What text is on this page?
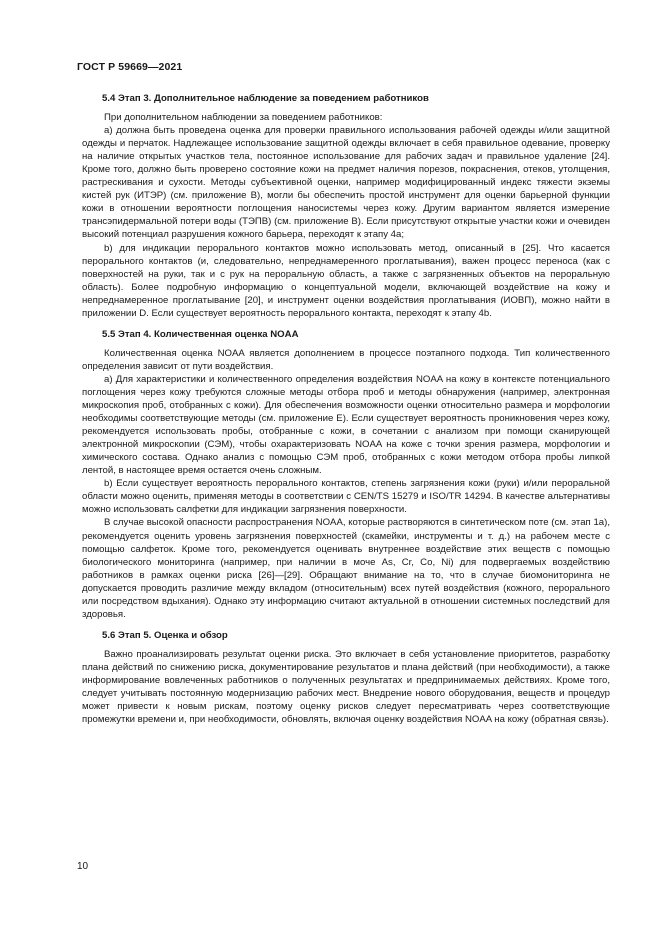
ГОСТ Р 59669—2021
5.4 Этап 3. Дополнительное наблюдение за поведением работников

При дополнительном наблюдении за поведением работников:

a) должна быть проведена оценка для проверки правильного использования рабочей одежды и/или защитной одежды и перчаток. Надлежащее использование защитной одежды включает в себя правильное одевание, проверку на наличие открытых участков тела, постоянное использование для рабочих задач и правильное удаление [24]. Кроме того, должно быть проверено состояние кожи на предмет наличия порезов, покраснения, отеков, утолщения, растрескивания и сухости. Методы субъективной оценки, например модифицированный индекс тяжести экземы кистей рук (ИТЭР) (см. приложение В), могли бы обеспечить простой инструмент для оценки барьерной функции кожи в отношении вероятности поглощения наносистемы через кожу. Другим вариантом является измерение трансэпидермальной потери воды (ТЭПВ) (см. приложение В). Если присутствуют открытые участки кожи и очевиден высокий потенциал разрушения кожного барьера, переходят к этапу 4а;

b) для индикации перорального контактов можно использовать метод, описанный в [25]. Что касается перорального контактов (и, следовательно, непреднамеренного проглатывания), важен процесс переноса (как с поверхностей на руки, так и с рук на пероральную область, а также с загрязненных объектов на пероральную область). Более подробную информацию о концептуальной модели, включающей воздействие на кожу и непреднамеренное проглатывание [20], и инструмент оценки воздействия проглатывания (ИОВП), можно найти в приложении D. Если существует вероятность перорального контакта, переходят к этапу 4b.

5.5 Этап 4. Количественная оценка NOAA

Количественная оценка NOAA является дополнением в процессе поэтапного подхода. Тип количественного определения зависит от пути воздействия.

a) Для характеристики и количественного определения воздействия NOAA на кожу в контексте потенциального поглощения через кожу требуются сложные методы отбора проб и методы обнаружения (например, электронная микроскопия проб, отобранных с кожи). Для обеспечения возможности оценки относительно размера и морфологии необходимы соответствующие методы (см. приложение Е). Если существует вероятность проникновения через кожу, рекомендуется использовать пробы, отобранные с кожи, в сочетании с анализом при помощи сканирующей электронной микроскопии (СЭМ), чтобы охарактеризовать NOAA на коже с точки зрения размера, морфологии и химического состава. Однако анализ с помощью СЭМ проб, отобранных с кожи методом отбора пробы липкой лентой, в настоящее время остается очень сложным.

b) Если существует вероятность перорального контактов, степень загрязнения кожи (руки) и/или пероральной области можно оценить, применяя методы в соответствии с CEN/TS 15279 и ISO/TR 14294. В качестве альтернативы можно использовать салфетки для индикации загрязнения поверхности.

В случае высокой опасности распространения NOAA, которые растворяются в синтетическом поте (см. этап 1а), рекомендуется оценить уровень загрязнения поверхностей (скамейки, инструменты и т. д.) на рабочем месте с помощью салфеток. Кроме того, рекомендуется оценивать внутреннее воздействие этих веществ с помощью биологического мониторинга (например, при наличии в моче As, Cr, Co, Ni) для подвергаемых воздействию работников в рамках оценки риска [26]—[29]. Обращают внимание на то, что в случае биомониторинга не допускается проводить различие между вкладом (относительным) всех путей воздействия (кожного, перорального или посредством вдыхания). Однако эту информацию считают актуальной в отношении системных последствий для здоровья.

5.6 Этап 5. Оценка и обзор

Важно проанализировать результат оценки риска. Это включает в себя установление приоритетов, разработку плана действий по снижению риска, документирование результатов и плана действий (при необходимости), а также информирование вовлеченных работников о полученных результатах и предпринимаемых действиях. Кроме того, следует учитывать постоянную модернизацию рабочих мест. Внедрение нового оборудования, веществ и процедур может привести к новым рискам, поэтому оценку рисков следует пересматривать через соответствующие промежутки времени и, при необходимости, обновлять, включая оценку воздействия NOAA на кожу (обратная связь).

10
